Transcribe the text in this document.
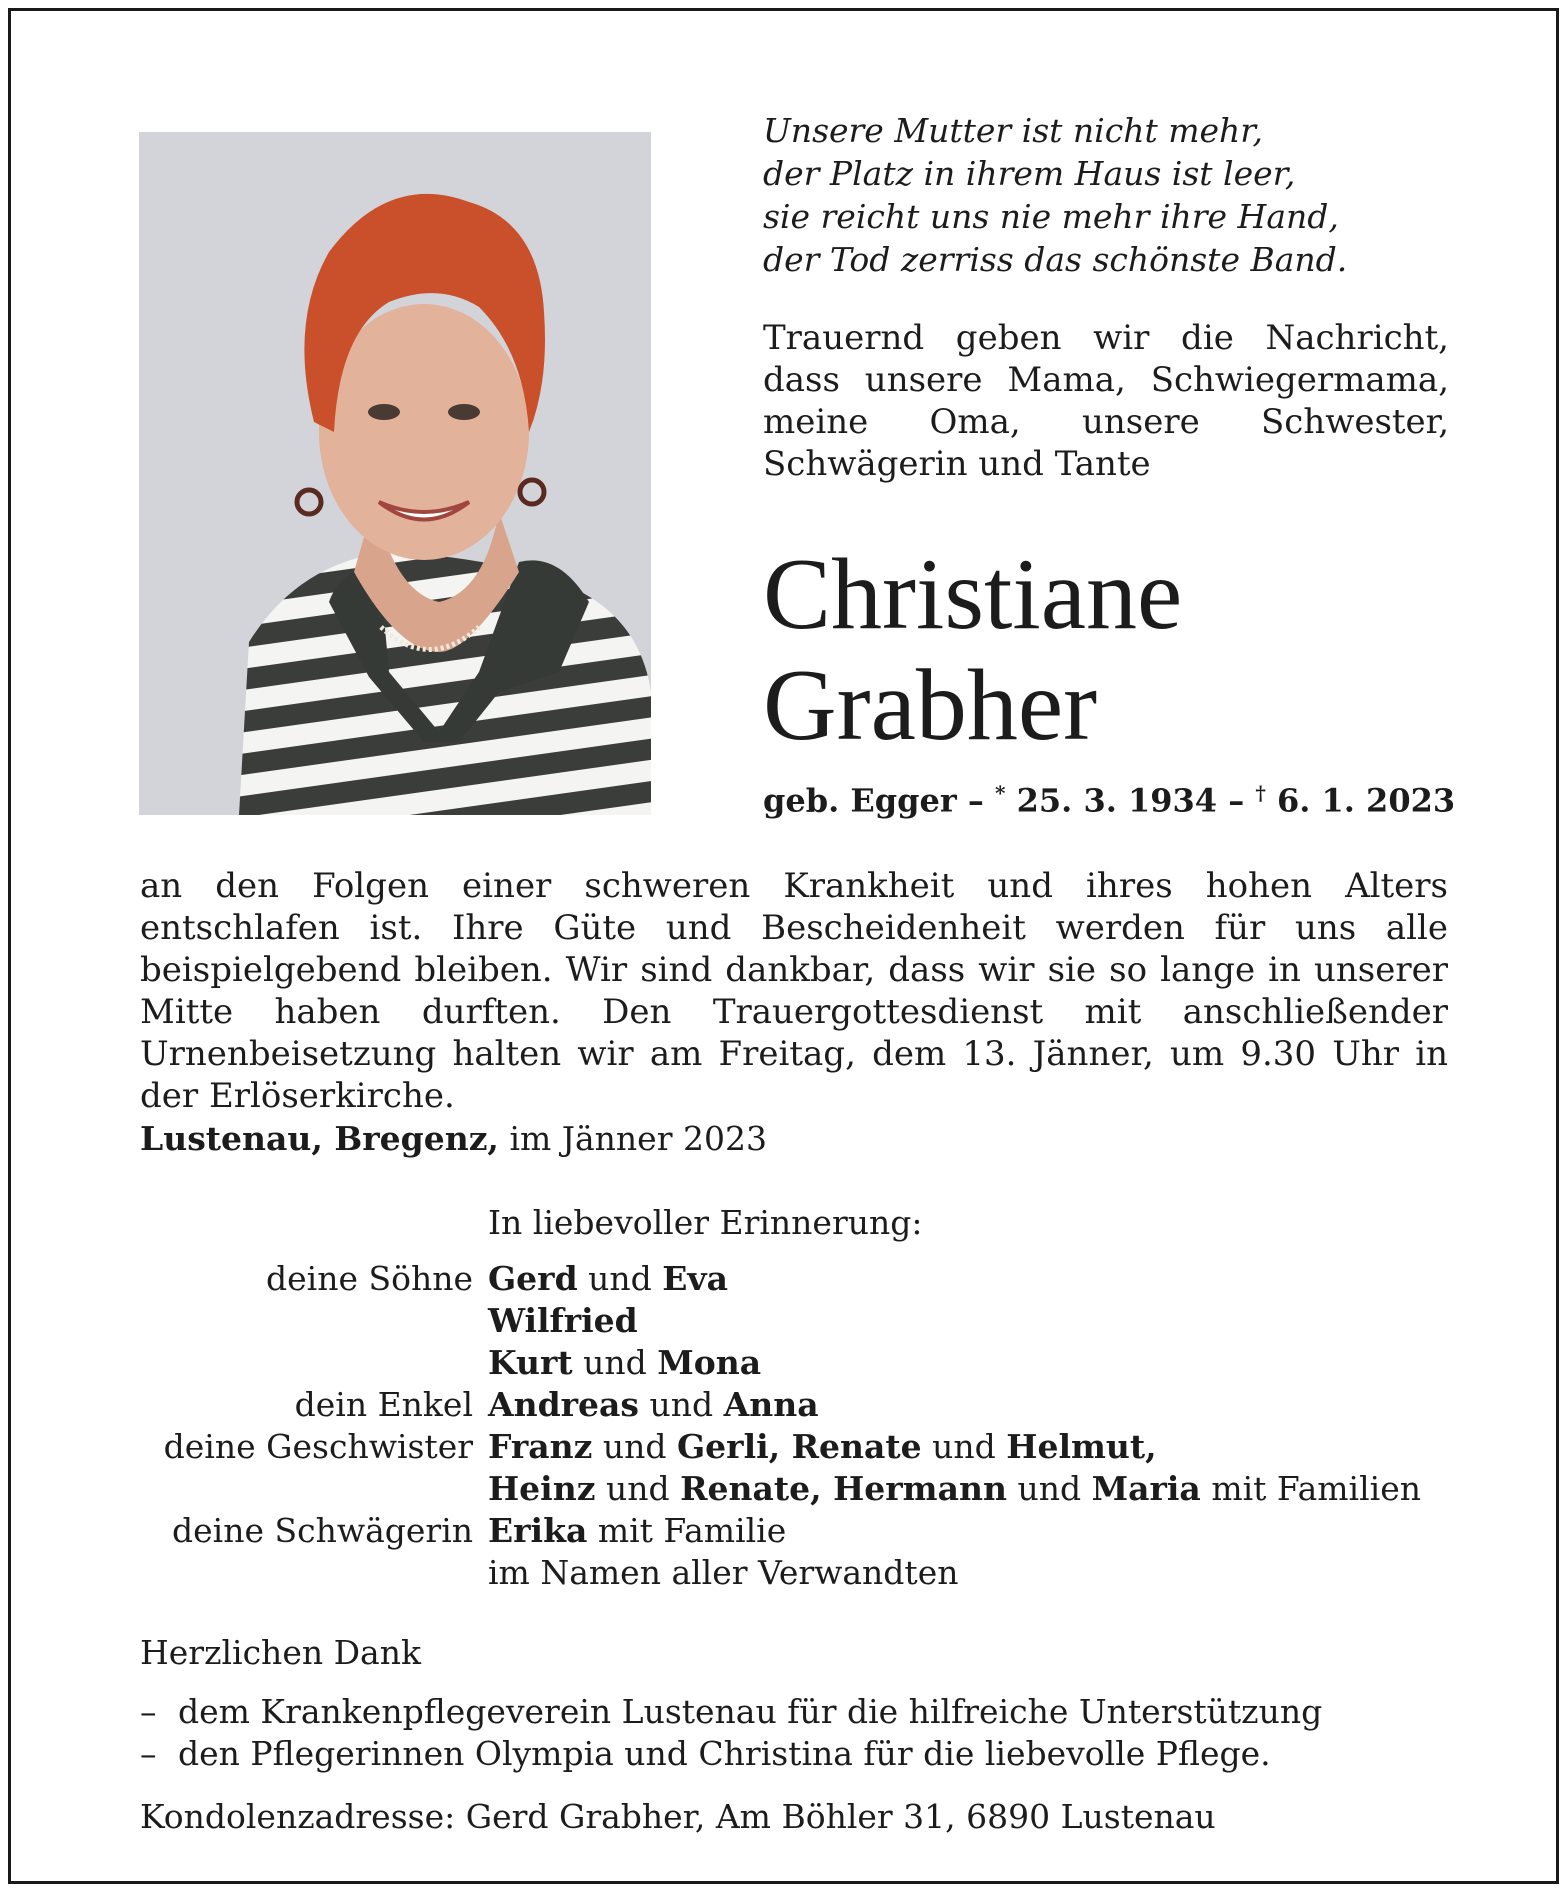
Unsere Mutter ist nicht mehr,
der Platz in ihrem Haus ist leer,
sie reicht uns nie mehr ihre Hand,
der Tod zerriss das schönste Band.
Trauernd geben wir die Nachricht, dass unsere Mama, Schwiegermama, meine Oma, unsere Schwester, Schwägerin und Tante
Christiane
Grabher
geb. Egger – * 25. 3. 1934 – † 6. 1. 2023
an den Folgen einer schweren Krankheit und ihres hohen Alters entschlafen ist. Ihre Güte und Bescheidenheit werden für uns alle beispielgebend bleiben. Wir sind dankbar, dass wir sie so lange in unserer Mitte haben durften. Den Trauergottesdienst mit anschließender Urnenbeisetzung halten wir am Freitag, dem 13. Jänner, um 9.30 Uhr in der Erlöserkirche.
Lustenau, Bregenz, im Jänner 2023
In liebevoller Erinnerung:
deine Söhne Gerd und Eva
Wilfried
Kurt und Mona
dein Enkel Andreas und Anna
deine Geschwister Franz und Gerli, Renate und Helmut,
Heinz und Renate, Hermann und Maria mit Familien
deine Schwägerin Erika mit Familie
im Namen aller Verwandten
Herzlichen Dank
– dem Krankenpflegeverein Lustenau für die hilfreiche Unterstützung
– den Pflegerinnen Olympia und Christina für die liebevolle Pflege.
Kondolenzadresse: Gerd Grabher, Am Böhler 31, 6890 Lustenau
